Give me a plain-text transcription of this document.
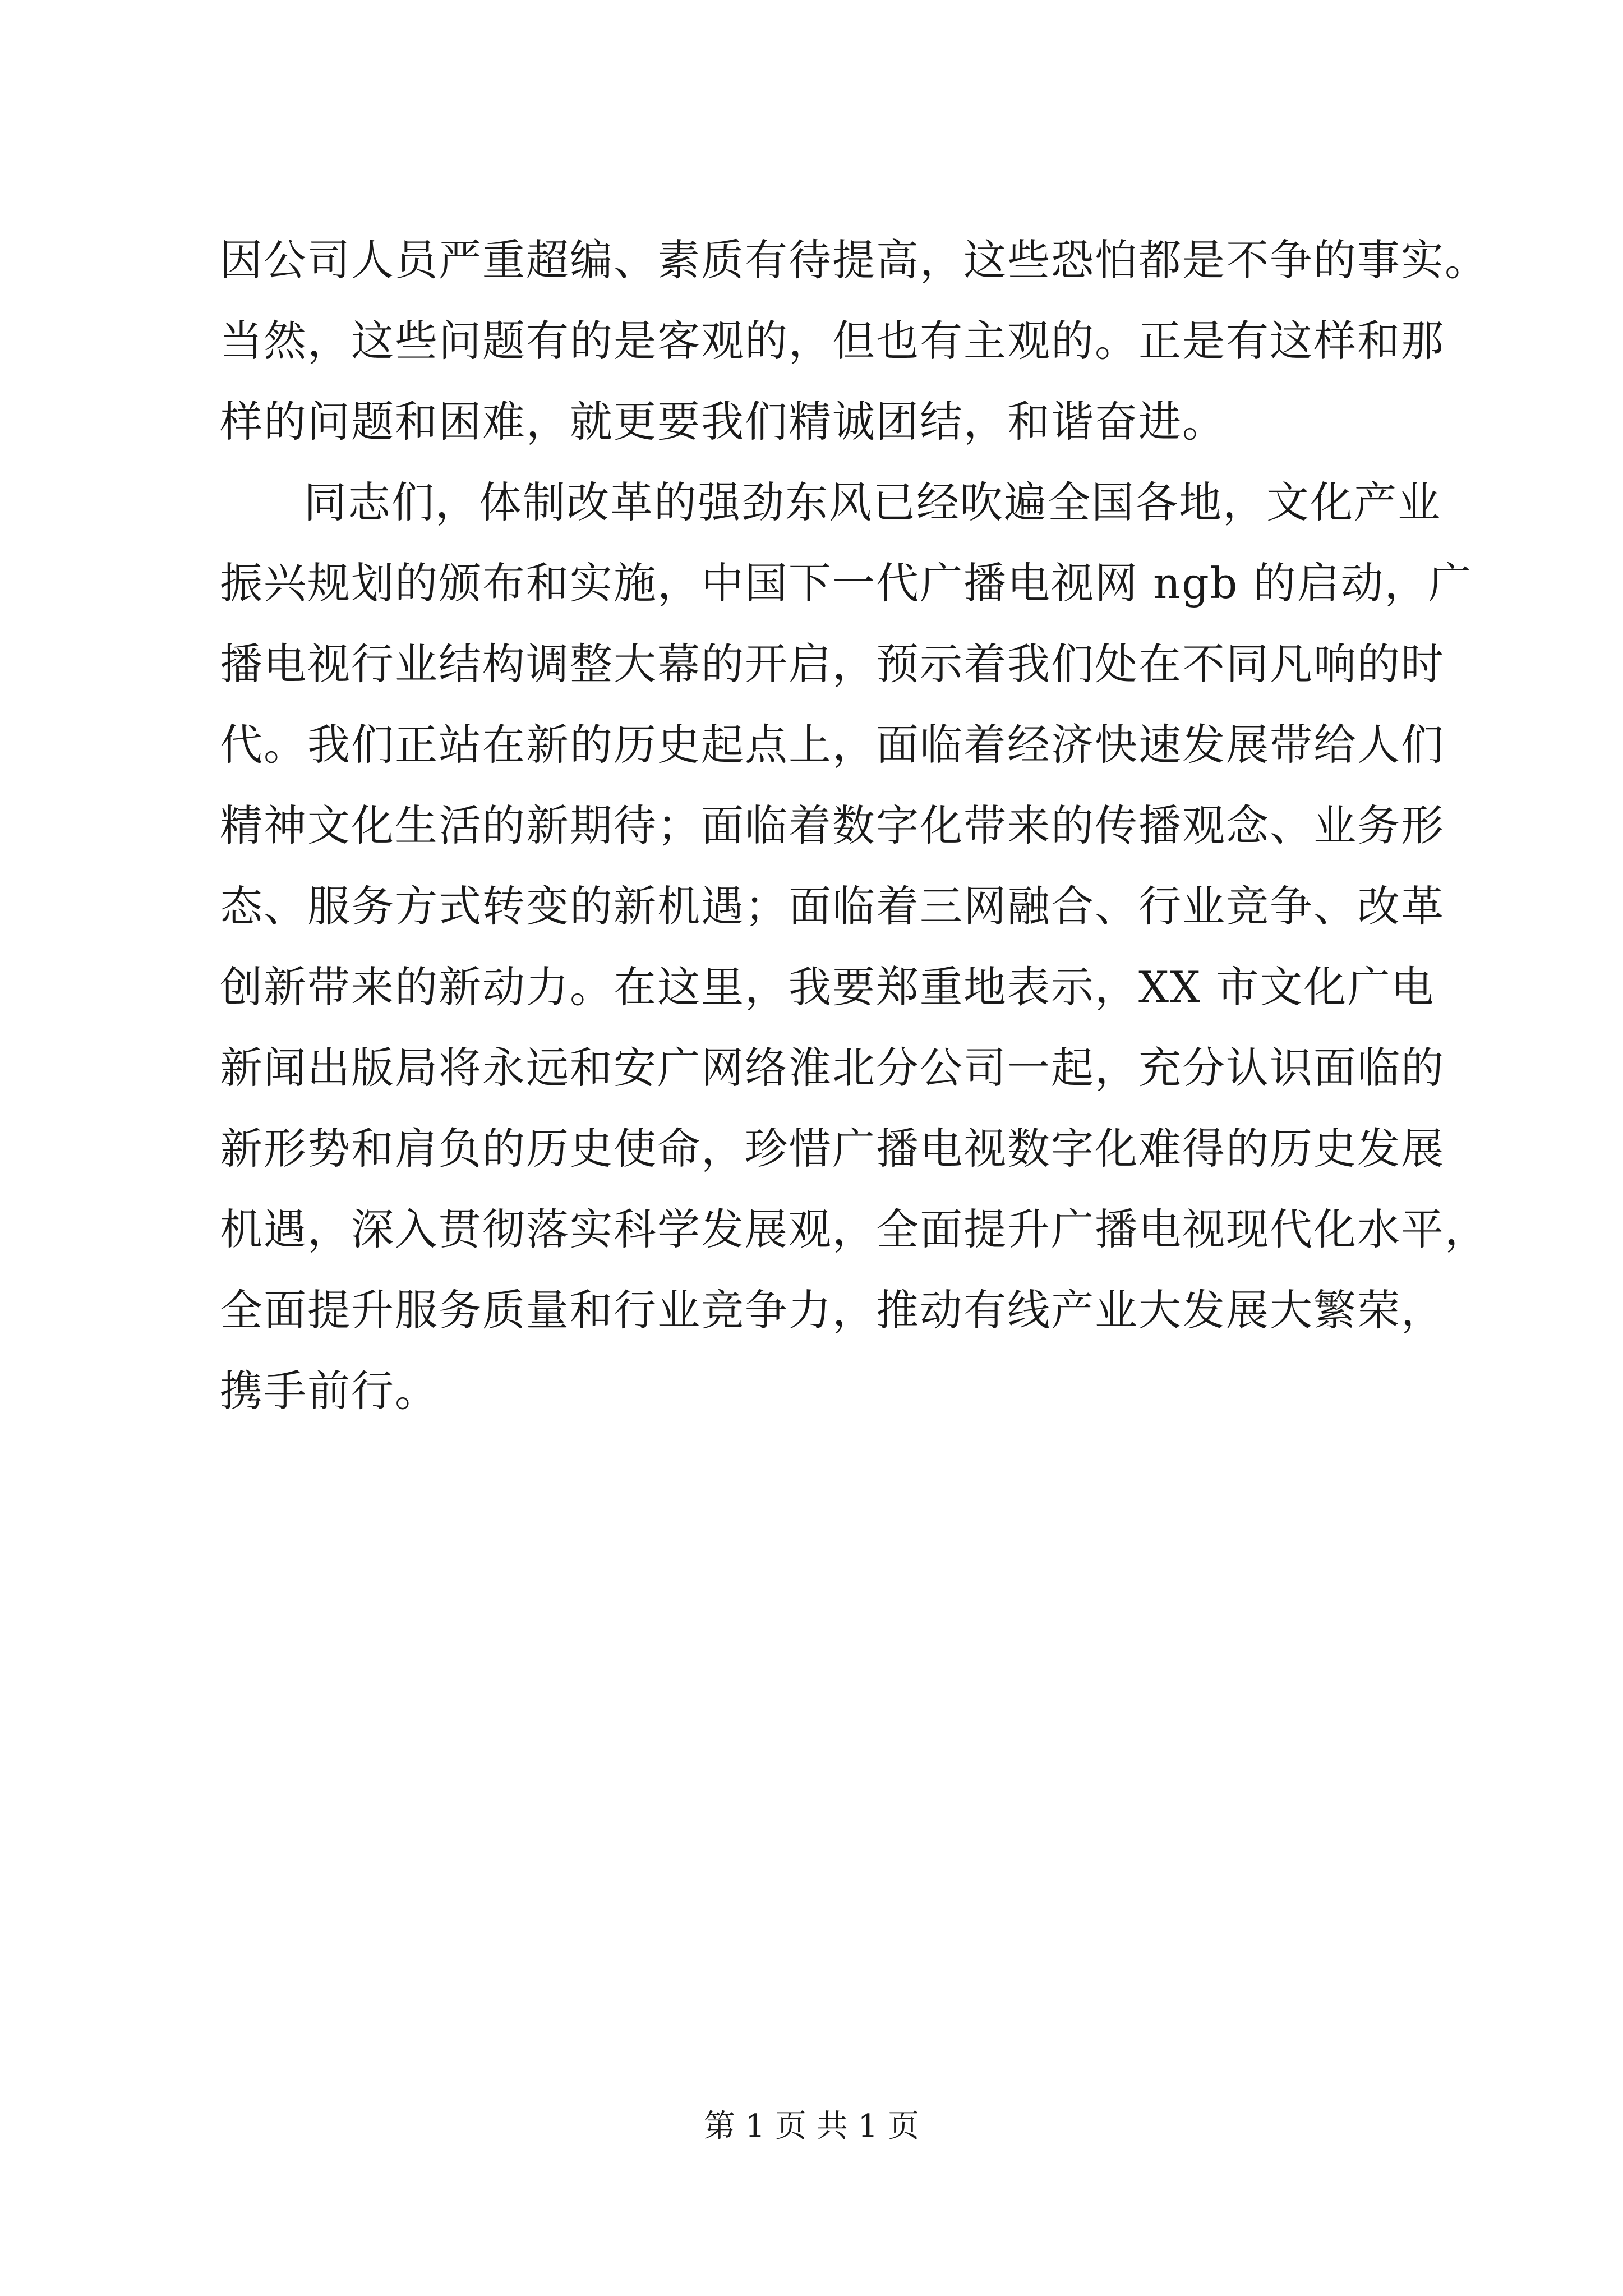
因公司人员严重超编、素质有待提高，这些恐怕都是不争的事实。
当然，这些问题有的是客观的，但也有主观的。正是有这样和那
样的问题和困难，就更要我们精诚团结，和谐奋进。
同志们，体制改革的强劲东风已经吹遍全国各地，文化产业
振兴规划的颁布和实施，中国下一代广播电视网 ngb 的启动，广
播电视行业结构调整大幕的开启，预示着我们处在不同凡响的时
代。我们正站在新的历史起点上，面临着经济快速发展带给人们
精神文化生活的新期待；面临着数字化带来的传播观念、业务形
态、服务方式转变的新机遇；面临着三网融合、行业竞争、改革
创新带来的新动力。在这里，我要郑重地表示，XX 市文化广电
新闻出版局将永远和安广网络淮北分公司一起，充分认识面临的
新形势和肩负的历史使命，珍惜广播电视数字化难得的历史发展
机遇，深入贯彻落实科学发展观，全面提升广播电视现代化水平，
全面提升服务质量和行业竞争力，推动有线产业大发展大繁荣，
携手前行。
第 1 页 共 1 页
